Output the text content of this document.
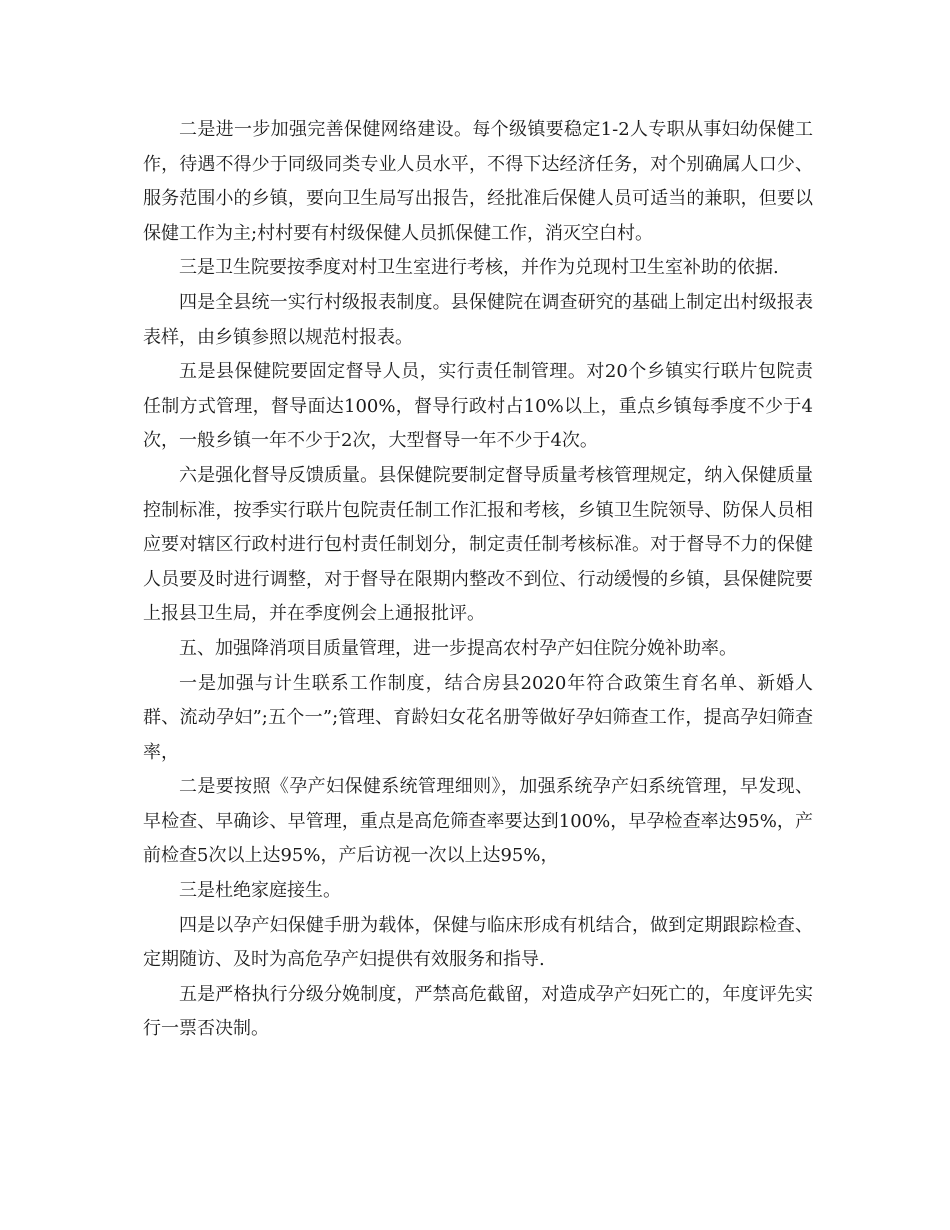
二是进一步加强完善保健网络建设。每个级镇要稳定1-2人专职从事妇幼保健工作，待遇不得少于同级同类专业人员水平，不得下达经济任务，对个别确属人口少、服务范围小的乡镇，要向卫生局写出报告，经批准后保健人员可适当的兼职，但要以保健工作为主;村村要有村级保健人员抓保健工作，消灭空白村。

三是卫生院要按季度对村卫生室进行考核，并作为兑现村卫生室补助的依据.

四是全县统一实行村级报表制度。县保健院在调查研究的基础上制定出村级报表表样，由乡镇参照以规范村报表。

五是县保健院要固定督导人员，实行责任制管理。对20个乡镇实行联片包院责任制方式管理，督导面达100%，督导行政村占10%以上，重点乡镇每季度不少于4次，一般乡镇一年不少于2次，大型督导一年不少于4次。

六是强化督导反馈质量。县保健院要制定督导质量考核管理规定，纳入保健质量控制标准，按季实行联片包院责任制工作汇报和考核，乡镇卫生院领导、防保人员相应要对辖区行政村进行包村责任制划分，制定责任制考核标准。对于督导不力的保健人员要及时进行调整，对于督导在限期内整改不到位、行动缓慢的乡镇，县保健院要上报县卫生局，并在季度例会上通报批评。

五、加强降消项目质量管理，进一步提高农村孕产妇住院分娩补助率。

一是加强与计生联系工作制度，结合房县2020年符合政策生育名单、新婚人群、流动孕妇”;五个一”;管理、育龄妇女花名册等做好孕妇筛查工作，提高孕妇筛查率，

二是要按照《孕产妇保健系统管理细则》，加强系统孕产妇系统管理，早发现、早检查、早确诊、早管理，重点是高危筛查率要达到100%，早孕检查率达95%，产前检查5次以上达95%，产后访视一次以上达95%，

三是杜绝家庭接生。

四是以孕产妇保健手册为载体，保健与临床形成有机结合，做到定期跟踪检查、定期随访、及时为高危孕产妇提供有效服务和指导.

五是严格执行分级分娩制度，严禁高危截留，对造成孕产妇死亡的，年度评先实行一票否决制。
